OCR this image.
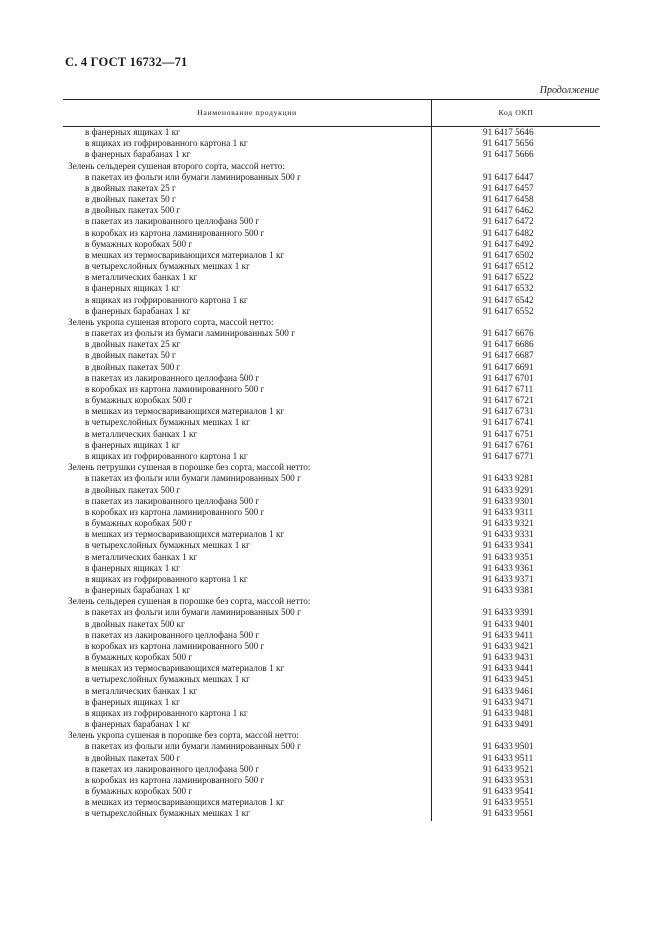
С. 4 ГОСТ 16732—71
Продолжение
Наименование продукции	Код ОКП
в фанерных ящиках 1 кг	91 6417 5646
в ящиках из гофрированного картона 1 кг	91 6417 5656
в фанерных барабанах 1 кг	91 6417 5666
Зелень сельдерея сушеная второго сорта, массой нетто:
в пакетах из фольги или бумаги ламинированных 500 г	91 6417 6447
в двойных пакетах 25 г	91 6417 6457
в двойных пакетах 50 г	91 6417 6458
в двойных пакетах 500 г	91 6417 6462
в пакетах из лакированного целлофана 500 г	91 6417 6472
в коробках из картона ламинированного 500 г	91 6417 6482
в бумажных коробках 500 г	91 6417 6492
в мешках из термосваривающихся материалов 1 кг	91 6417 6502
в четырехслойных бумажных мешках 1 кг	91 6417 6512
в металлических банках 1 кг	91 6417 6522
в фанерных ящиках 1 кг	91 6417 6532
в ящиках из гофрированного картона 1 кг	91 6417 6542
в фанерных барабанах 1 кг	91 6417 6552
Зелень укропа сушеная второго сорта, массой нетто:
в пакетах из фольги из бумаги ламинированных 500 г	91 6417 6676
в двойных пакетах 25 кг	91 6417 6686
в двойных пакетах 50 г	91 6417 6687
в двойных пакетах 500 г	91 6417 6691
в пакетах из лакированного целлофана 500 г	91 6417 6701
в коробках из картона ламинированного 500 г	91 6417 6711
в бумажных коробках 500 г	91 6417 6721
в мешках из термосваривающихся материалов 1 кг	91 6417 6731
в четырехслойных бумажных мешках 1 кг	91 6417 6741
в металлических банках 1 кг	91 6417 6751
в фанерных ящиках 1 кг	91 6417 6761
в ящиках из гофрированного картона 1 кг	91 6417 6771
Зелень петрушки сушеная в порошке без сорта, массой нетто:
в пакетах из фольги или бумаги ламинированных 500 г	91 6433 9281
в двойных пакетах 500 г	91 6433 9291
в пакетах из лакированного целлофана 500 г	91 6433 9301
в коробках из картона ламинированного 500 г	91 6433 9311
в бумажных коробках 500 г	91 6433 9321
в мешках из термосваривающихся материалов 1 кг	91 6433 9331
в четырехслойных бумажных мешках 1 кг	91 6433 9341
в металлических банках 1 кг	91 6433 9351
в фанерных ящиках 1 кг	91 6433 9361
в ящиках из гофрированного картона 1 кг	91 6433 9371
в фанерных барабанах 1 кг	91 6433 9381
Зелень сельдерея сушеная в порошке без сорта, массой нетто:
в пакетах из фольги или бумаги ламинированных 500 г	91 6433 9391
в двойных пакетах 500 кг	91 6433 9401
в пакетах из лакированного целлофана 500 г	91 6433 9411
в коробках из картона ламинированного 500 г	91 6433 9421
в бумажных коробках 500 г	91 6433 9431
в мешках из термосваривающихся материалов 1 кг	91 6433 9441
в четырехслойных бумажных мешках 1 кг	91 6433 9451
в металлических банках 1 кг	91 6433 9461
в фанерных ящиках 1 кг	91 6433 9471
в ящиках из гофрированного картона 1 кг	91 6433 9481
в фанерных барабанах 1 кг	91 6433 9491
Зелень укропа сушеная в порошке без сорта, массой нетто:
в пакетах из фольги или бумаги ламинированных 500 г	91 6433 9501
в двойных пакетах 500 г	91 6433 9511
в пакетах из лакированного целлофана 500 г	91 6433 9521
в коробках из картона ламинированного 500 г	91 6433 9531
в бумажных коробках 500 г	91 6433 9541
в мешках из термосваривающихся материалов 1 кг	91 6433 9551
в четырехслойных бумажных мешках 1 кг	91 6433 9561
